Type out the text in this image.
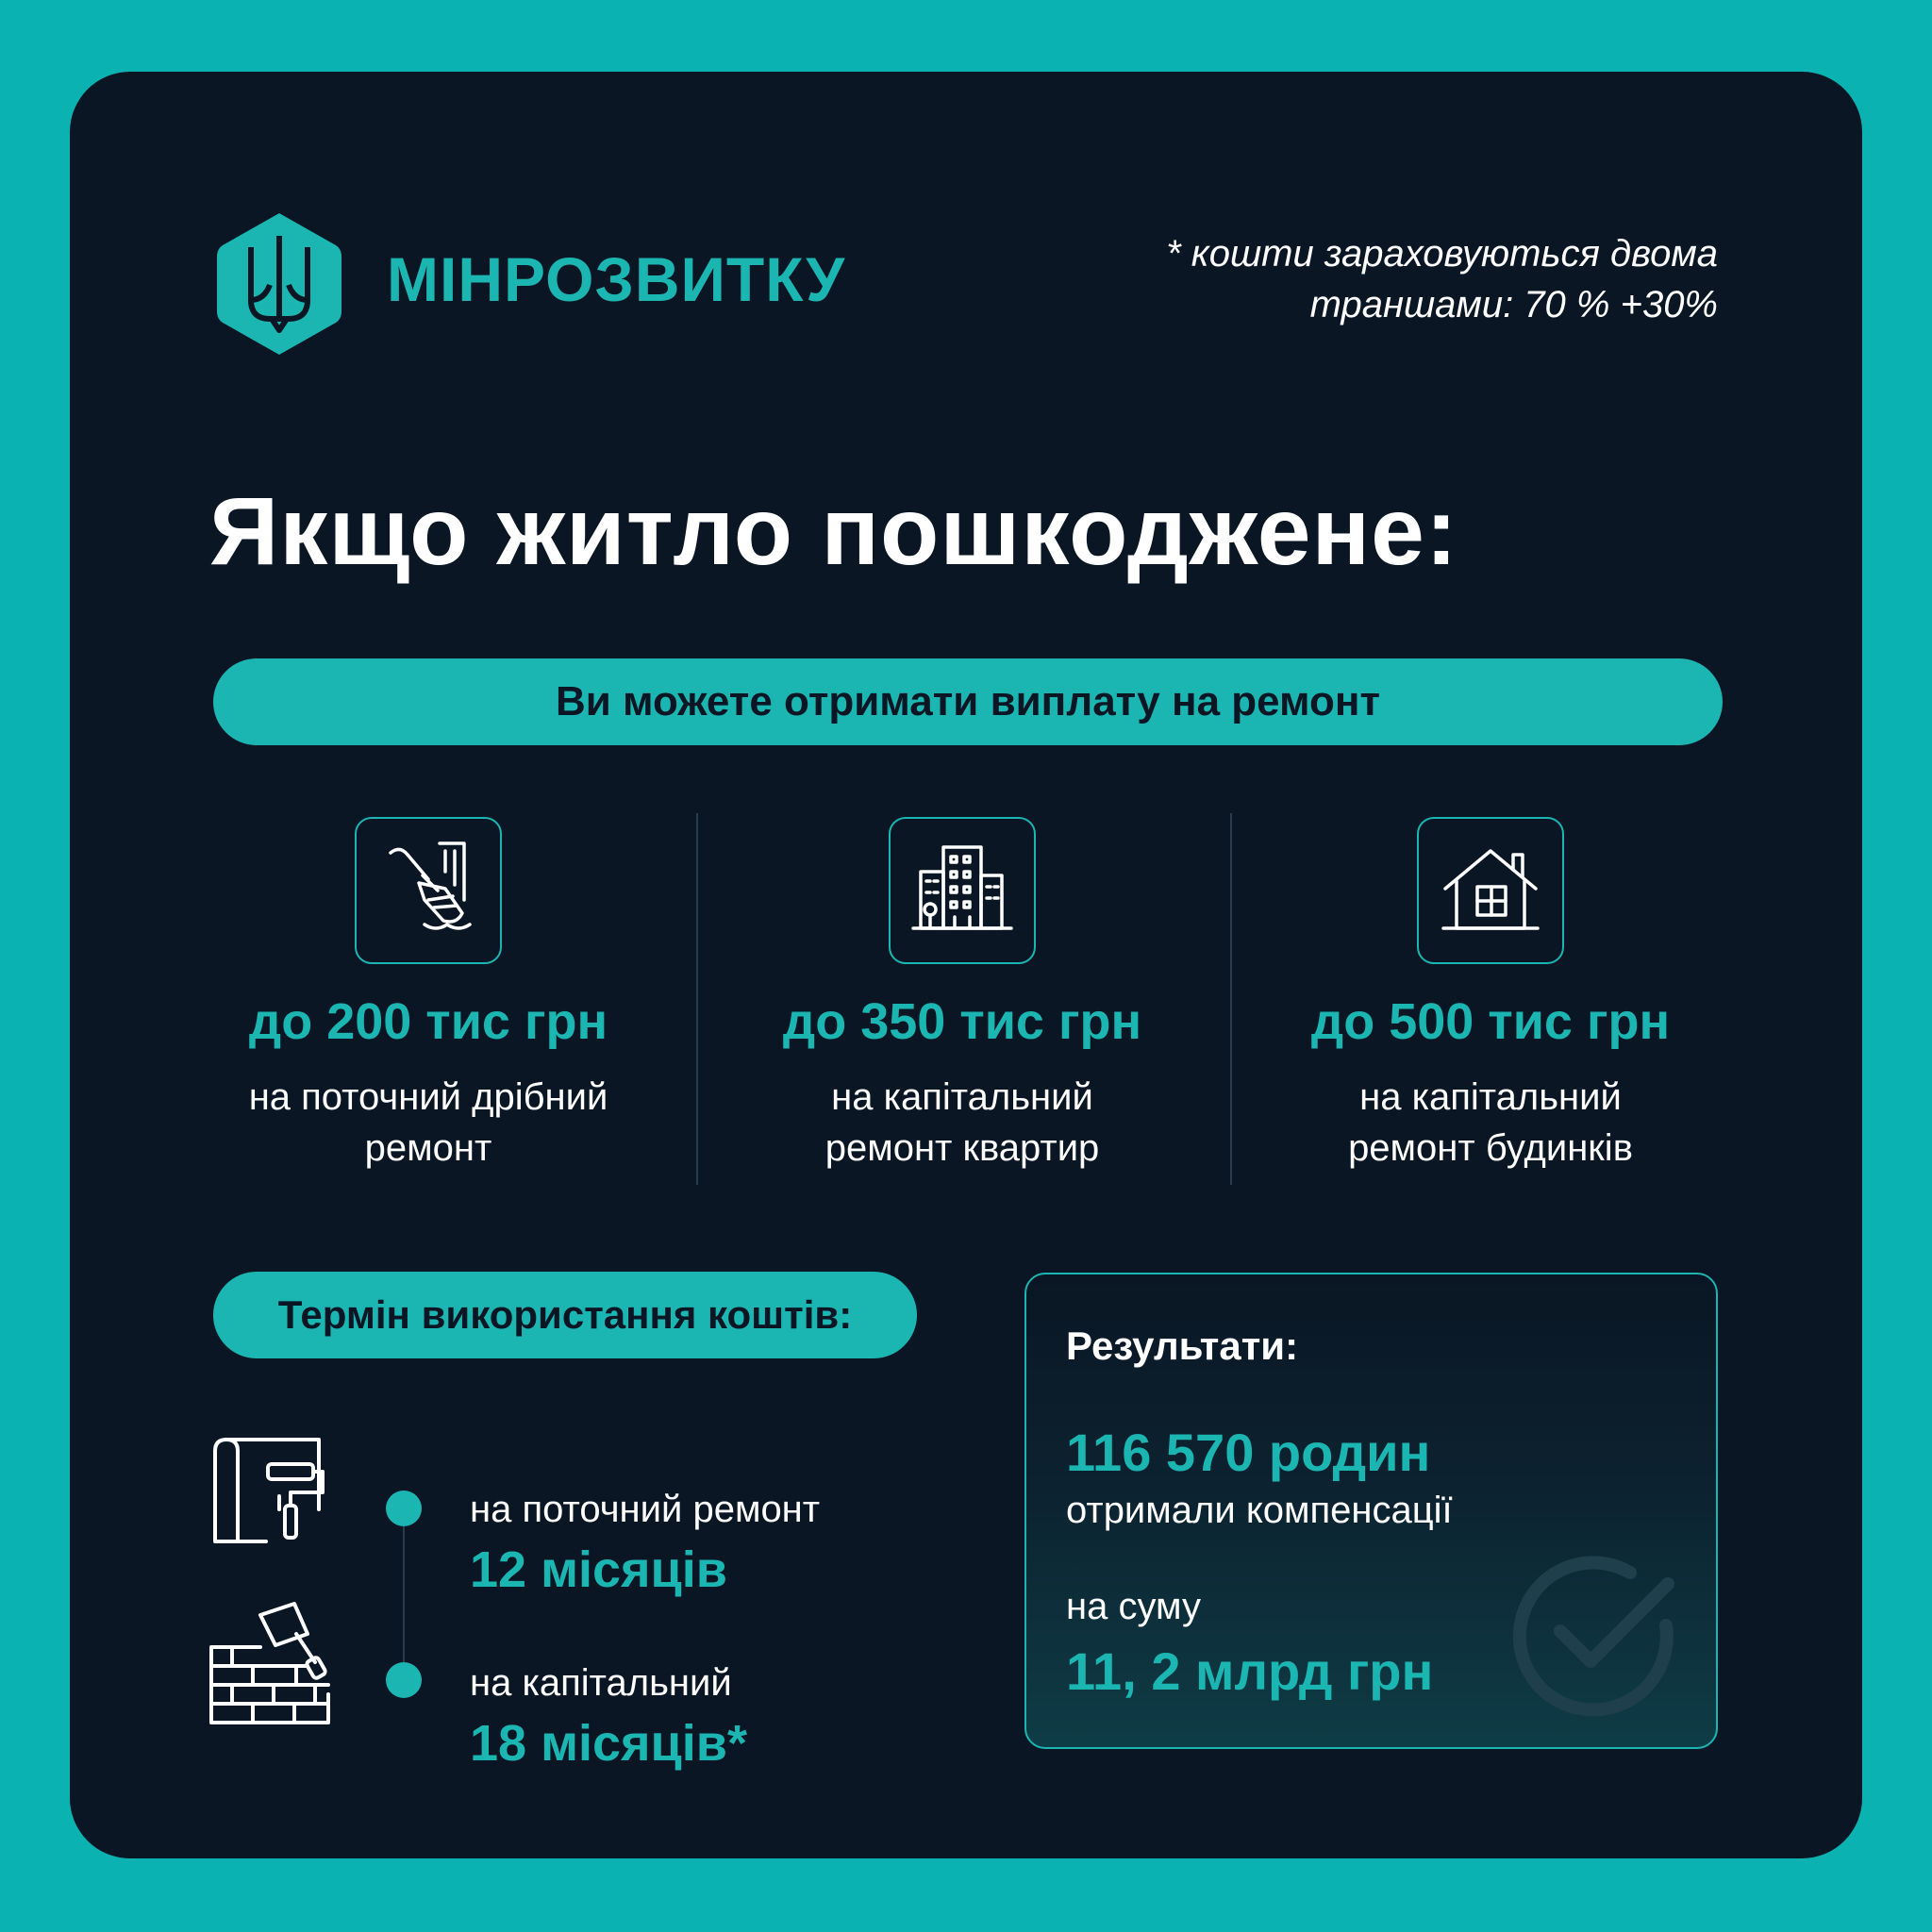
МІНРОЗВИТКУ	* кошти зараховуються двома
траншами: 70 % +30%
Якщо житло пошкоджене:
Ви можете отримати виплату на ремонт
до 200 тис грн
на поточний дрібний
ремонт
до 350 тис грн
на капітальний
ремонт квартир
до 500 тис грн
на капітальний
ремонт будинків
Термін використання коштів:
на поточний ремонт
12 місяців
на капітальний
18 місяців*
Результати:
116 570 родин
отримали компенсації
на суму
11, 2 млрд грн
